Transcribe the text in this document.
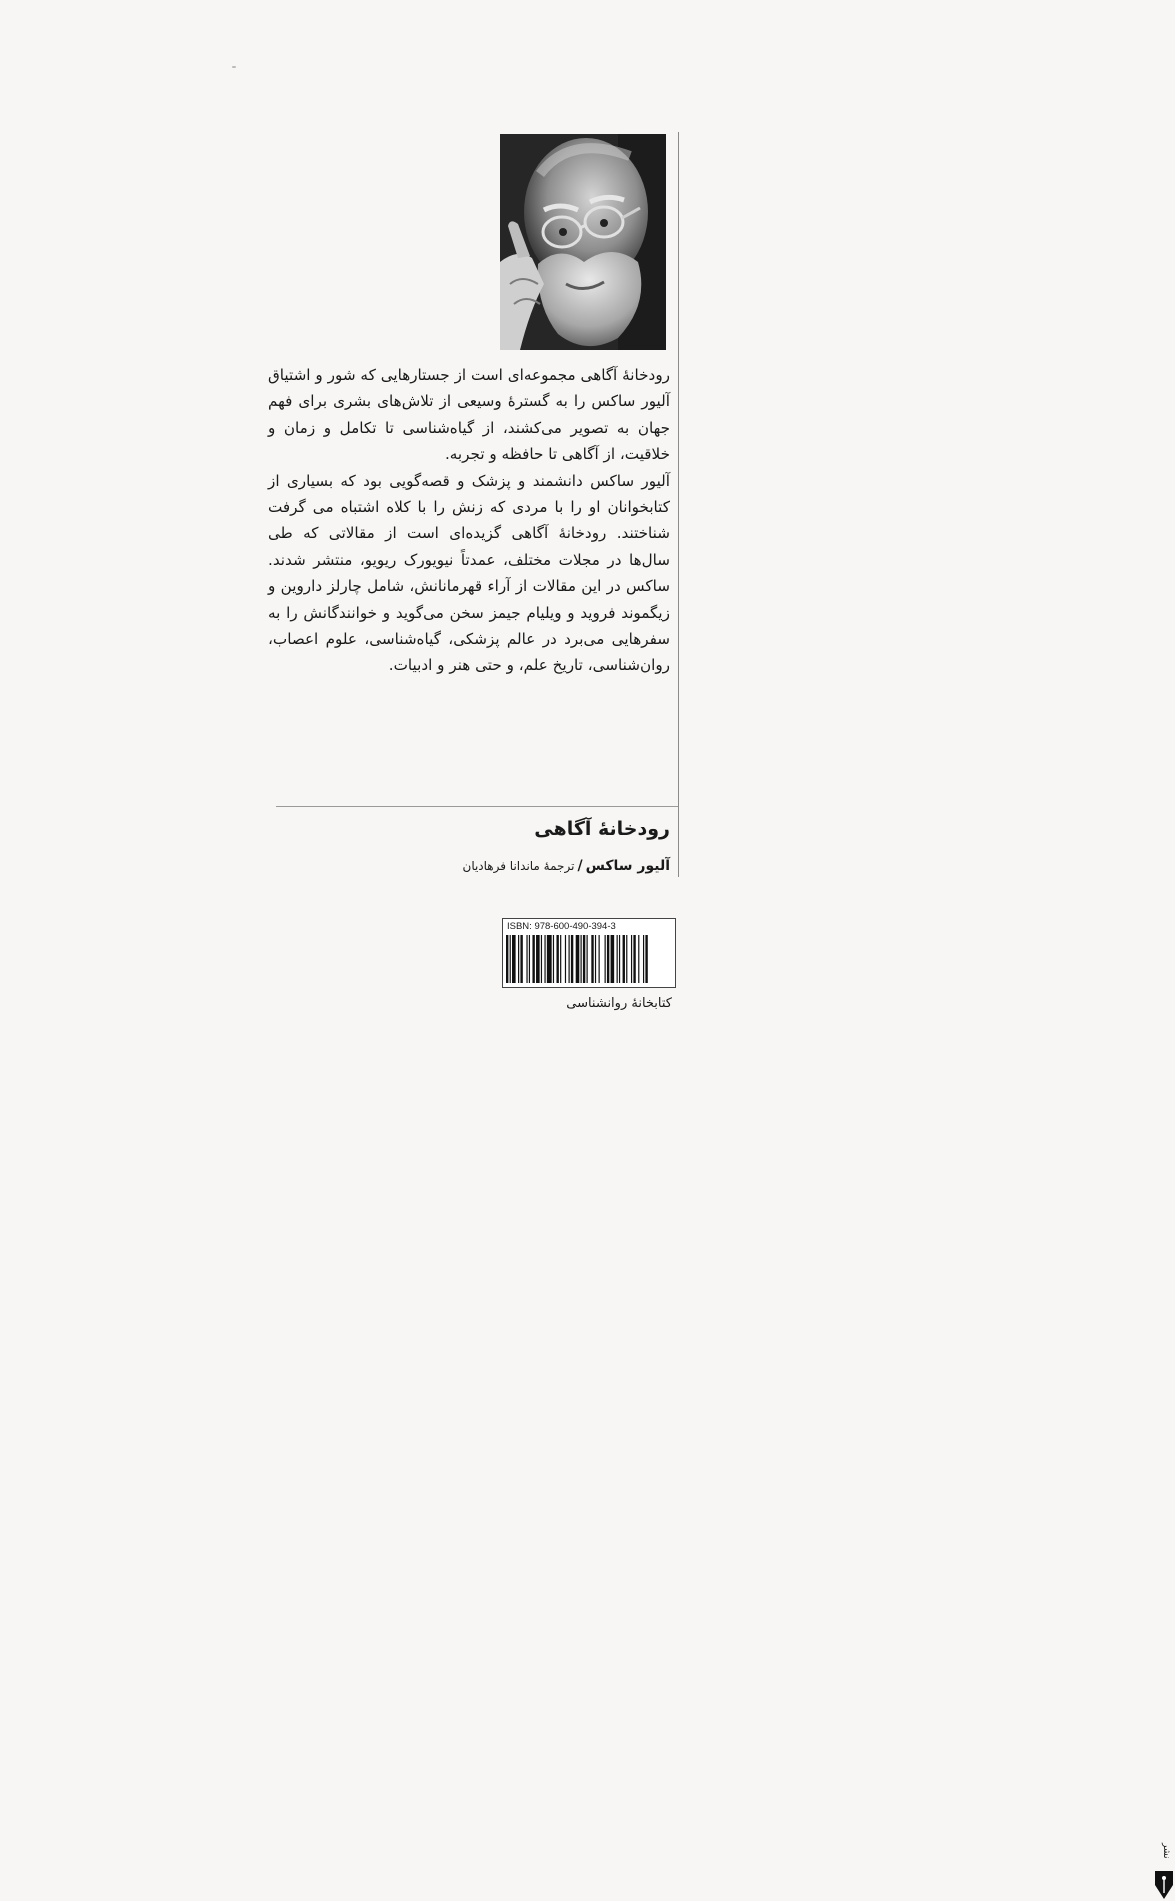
رودخانهٔ آگاهی مجموعه‌ای است از جستارهایی که شور و اشتیاق آلیور ساکس را به گسترهٔ وسیعی از تلاش‌های بشری برای فهم جهان به تصویر می‌کشند، از گیاه‌شناسی تا تکامل و زمان و خلاقیت، از آگاهی تا حافظه و تجربه.

آلیور ساکس دانشمند و پزشک و قصه‌گویی بود که بسیاری از کتابخوانان او را با مردی که زنش را با کلاه اشتباه می گرفت شناختند. رودخانهٔ آگاهی گزیده‌ای است از مقالاتی که طی سال‌ها در مجلات مختلف، عمدتاً نیویورک ریویو، منتشر شدند. ساکس در این مقالات از آراء قهرمانانش، شامل چارلز داروین و زیگموند فروید و ویلیام جیمز سخن می‌گوید و خوانندگانش را به سفرهایی می‌برد در عالم پزشکی، گیاه‌شناسی، علوم اعصاب، روان‌شناسی، تاریخ علم، و حتی هنر و ادبیات.

رودخانهٔ آگاهی
آلیور ساکس/ترجمهٔ ماندانا فرهادیان
ISBN: 978-600-490-394-3
نشر
کتابخانهٔ روانشناسی
